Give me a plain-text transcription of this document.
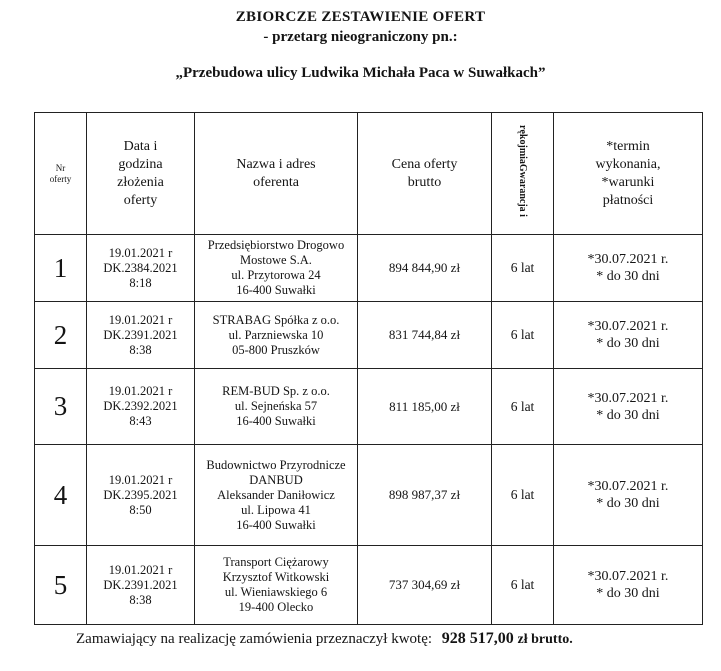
ZBIORCZE ZESTAWIENIE OFERT
- przetarg nieograniczony pn.:
„Przebudowa ulicy Ludwika Michała Paca w Suwałkach”
Nr
oferty	Data i
godzina
złożenia
oferty	Nazwa i adres
oferenta	Cena oferty
brutto	Gwarancja irękojmia	*termin
wykonania,
*warunki
płatności

1	19.01.2021 r
DK.2384.2021
8:18	Przedsiębiorstwo Drogowo
Mostowe S.A.
ul. Przytorowa 24
16-400 Suwałki	894 844,90 zł	6 lat	*30.07.2021 r.
* do 30 dni

2	19.01.2021 r
DK.2391.2021
8:38	STRABAG Spółka z o.o.
ul. Parzniewska 10
05-800 Pruszków	831 744,84 zł	6 lat	*30.07.2021 r.
* do 30 dni

3	19.01.2021 r
DK.2392.2021
8:43	REM-BUD Sp. z o.o.
ul. Sejneńska 57
16-400 Suwałki	811 185,00 zł	6 lat	*30.07.2021 r.
* do 30 dni

4	19.01.2021 r
DK.2395.2021
8:50	Budownictwo Przyrodnicze
DANBUD
Aleksander Daniłowicz
ul. Lipowa 41
16-400 Suwałki	898 987,37 zł	6 lat	*30.07.2021 r.
* do 30 dni

5	19.01.2021 r
DK.2391.2021
8:38	Transport Ciężarowy
Krzysztof Witkowski
ul. Wieniawskiego 6
19-400 Olecko	737 304,69 zł	6 lat	*30.07.2021 r.
* do 30 dni
Zamawiający na realizację zamówienia przeznaczył kwotę: 928 517,00 zł brutto.
